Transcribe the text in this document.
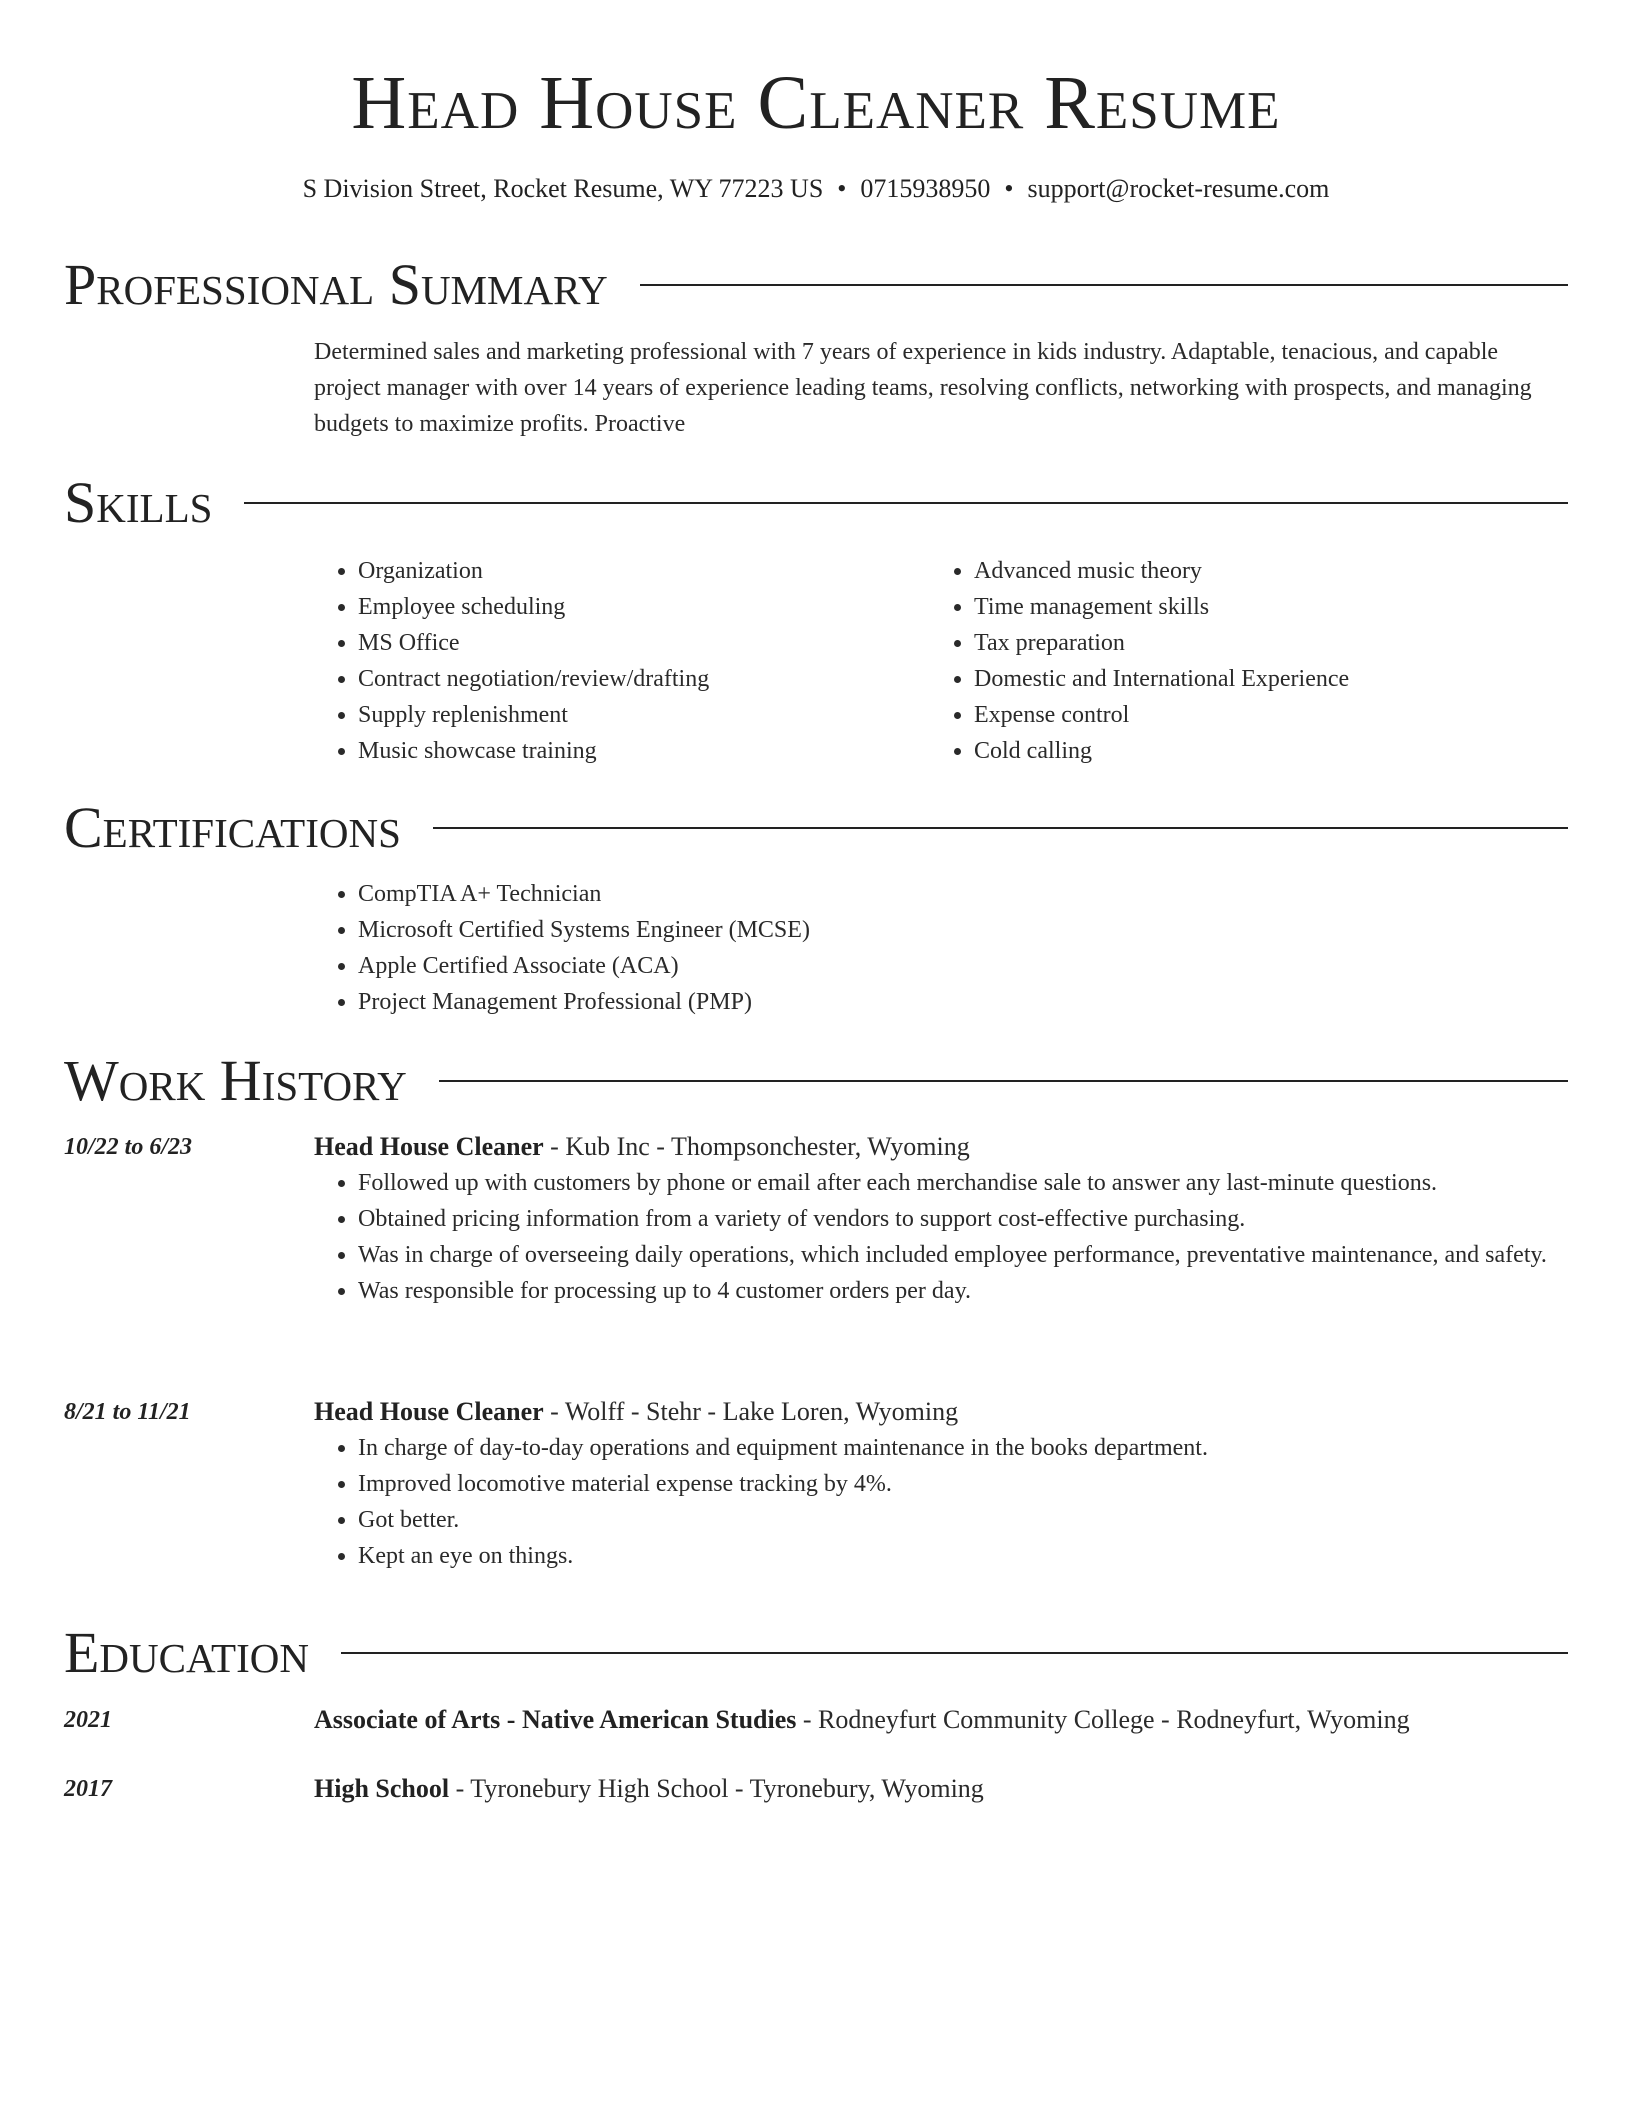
Head House Cleaner Resume
S Division Street, Rocket Resume, WY 77223 US • 0715938950 • support@rocket-resume.com
Professional Summary

Determined sales and marketing professional with 7 years of experience in kids industry. Adaptable, tenacious, and capable project manager with over 14 years of experience leading teams, resolving conflicts, networking with prospects, and managing budgets to maximize profits. Proactive

Skills
• Organization
• Employee scheduling
• MS Office
• Contract negotiation/review/drafting
• Supply replenishment
• Music showcase training
• Advanced music theory
• Time management skills
• Tax preparation
• Domestic and International Experience
• Expense control
• Cold calling
Certifications
• CompTIA A+ Technician
• Microsoft Certified Systems Engineer (MCSE)
• Apple Certified Associate (ACA)
• Project Management Professional (PMP)
Work History
10/22 to 6/23	Head House Cleaner - Kub Inc - Thompsonchester, Wyoming
• Followed up with customers by phone or email after each merchandise sale to answer any last-minute questions.
• Obtained pricing information from a variety of vendors to support cost-effective purchasing.
• Was in charge of overseeing daily operations, which included employee performance, preventative maintenance, and safety.
• Was responsible for processing up to 4 customer orders per day.
8/21 to 11/21	Head House Cleaner - Wolff - Stehr - Lake Loren, Wyoming
• In charge of day-to-day operations and equipment maintenance in the books department.
• Improved locomotive material expense tracking by 4%.
• Got better.
• Kept an eye on things.
Education
2021	Associate of Arts - Native American Studies - Rodneyfurt Community College - Rodneyfurt, Wyoming
2017	High School - Tyronebury High School - Tyronebury, Wyoming
